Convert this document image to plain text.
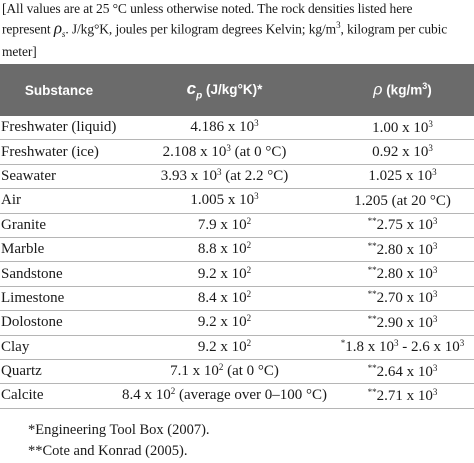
[All values are at 25 °C unless otherwise noted. The rock densities listed here
represent $\rho_s$. J/kg°K, joules per kilogram degrees Kelvin; $kg/m^3$, kilogram per cubic
meter]
Substance	$c_p$ (J/kg°K)*	ρ $(kg/m^3)$
Freshwater (liquid)	4.186 x $10^3$	1.00 x $10^3$
Freshwater (ice)	2.108 x $10^3$ (at 0 °C)	0.92 x $10^3$
Seawater	3.93 x $10^3$ (at 2.2 °C)	1.025 x $10^3$
Air	1.005 x $10^3$	1.205 (at 20 °C)
Granite	7.9 x $10^2$	**2.75 x $10^3$
Marble	8.8 x $10^2$	**2.80 x $10^3$
Sandstone	9.2 x $10^2$	**2.80 x $10^3$
Limestone	8.4 x $10^2$	**2.70 x $10^3$
Dolostone	9.2 x $10^2$	**2.90 x $10^3$
Clay	9.2 x $10^2$	*1.8 x $10^3 - 2.6$ x $10^3$
Quartz	7.1 x $10^2$ (at 0 °C)	**2.64 x $10^3$
Calcite	8.4 x $10^2$ (average over 0–100 °C)	**2.71 x $10^3$
*Engineering Tool Box (2007).
**Cote and Konrad (2005).
